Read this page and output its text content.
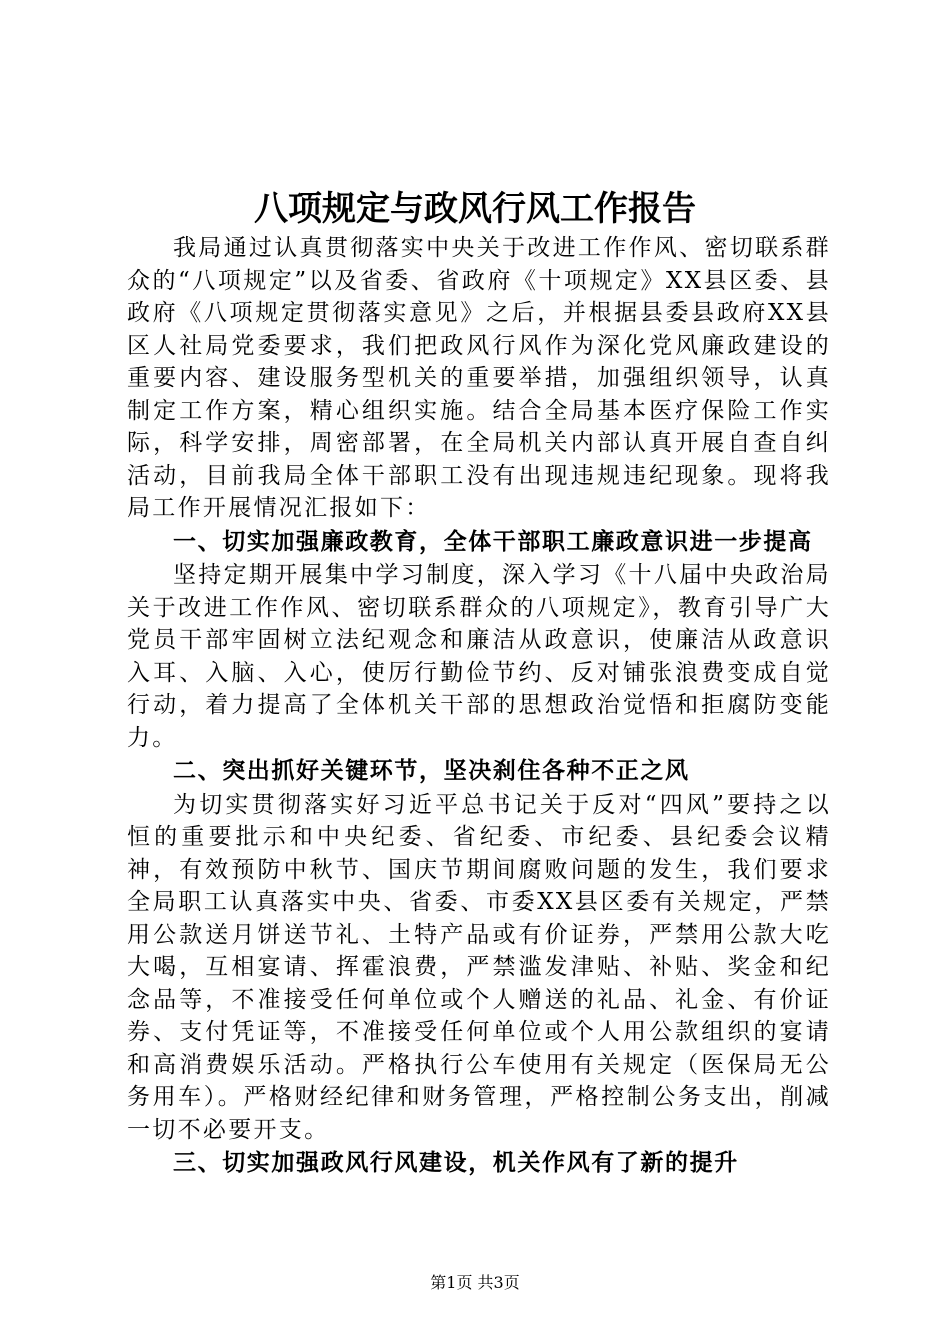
八项规定与政风行风工作报告

我局通过认真贯彻落实中央关于改进工作作风、密切联系群众的“八项规定”以及省委、省政府《十项规定》XX县区委、县政府《八项规定贯彻落实意见》之后，并根据县委县政府XX县区人社局党委要求，我们把政风行风作为深化党风廉政建设的重要内容、建设服务型机关的重要举措，加强组织领导，认真制定工作方案，精心组织实施。结合全局基本医疗保险工作实际，科学安排，周密部署，在全局机关内部认真开展自查自纠活动，目前我局全体干部职工没有出现违规违纪现象。现将我局工作开展情况汇报如下：

一、切实加强廉政教育，全体干部职工廉政意识进一步提高

坚持定期开展集中学习制度，深入学习《十八届中央政治局关于改进工作作风、密切联系群众的八项规定》，教育引导广大党员干部牢固树立法纪观念和廉洁从政意识，使廉洁从政意识入耳、入脑、入心，使厉行勤俭节约、反对铺张浪费变成自觉行动，着力提高了全体机关干部的思想政治觉悟和拒腐防变能力。

二、突出抓好关键环节，坚决刹住各种不正之风

为切实贯彻落实好习近平总书记关于反对“四风”要持之以恒的重要批示和中央纪委、省纪委、市纪委、县纪委会议精神，有效预防中秋节、国庆节期间腐败问题的发生，我们要求全局职工认真落实中央、省委、市委XX县区委有关规定，严禁用公款送月饼送节礼、土特产品或有价证券，严禁用公款大吃大喝，互相宴请、挥霍浪费，严禁滥发津贴、补贴、奖金和纪念品等，不准接受任何单位或个人赠送的礼品、礼金、有价证券、支付凭证等，不准接受任何单位或个人用公款组织的宴请和高消费娱乐活动。严格执行公车使用有关规定（医保局无公务用车）。严格财经纪律和财务管理，严格控制公务支出，削减一切不必要开支。

三、切实加强政风行风建设，机关作风有了新的提升

第1页 共3页
